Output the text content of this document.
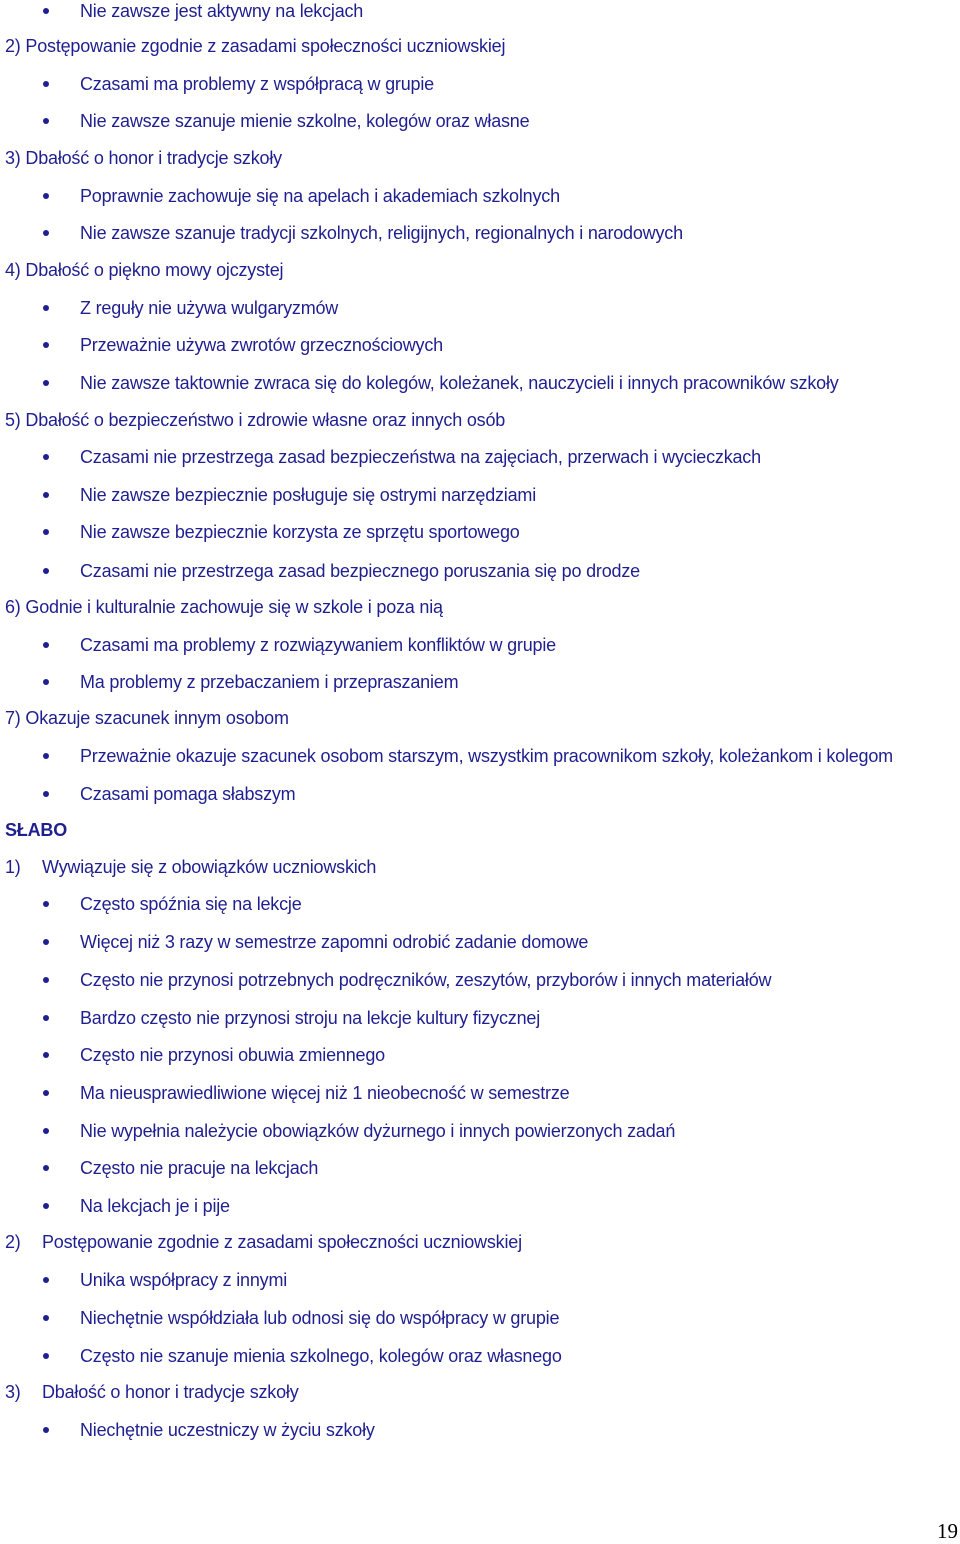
Nie zawsze jest aktywny na lekcjach
2) Postępowanie zgodnie z zasadami społeczności uczniowskiej
Czasami ma problemy z współpracą w grupie
Nie zawsze szanuje mienie szkolne, kolegów oraz własne
3) Dbałość o honor i tradycje szkoły
Poprawnie zachowuje się na apelach i akademiach szkolnych
Nie zawsze szanuje tradycji szkolnych, religijnych, regionalnych i narodowych
4) Dbałość o piękno mowy ojczystej
Z reguły nie używa wulgaryzmów
Przeważnie używa zwrotów grzecznościowych
Nie zawsze taktownie zwraca się do kolegów, koleżanek, nauczycieli i innych pracowników szkoły
5) Dbałość o bezpieczeństwo i zdrowie własne oraz innych osób
Czasami nie przestrzega zasad bezpieczeństwa na zajęciach, przerwach i wycieczkach
Nie zawsze bezpiecznie posługuje się ostrymi narzędziami
Nie zawsze bezpiecznie korzysta ze sprzętu sportowego
Czasami nie przestrzega zasad bezpiecznego poruszania się po drodze
6) Godnie i kulturalnie zachowuje się w szkole i poza nią
Czasami ma problemy z rozwiązywaniem konfliktów w grupie
Ma problemy z przebaczaniem i przepraszaniem
7) Okazuje szacunek innym osobom
Przeważnie okazuje szacunek osobom starszym, wszystkim pracownikom szkoły, koleżankom i kolegom
Czasami pomaga słabszym
SŁABO
1) Wywiązuje się z obowiązków uczniowskich
Często spóźnia się na lekcje
Więcej niż 3 razy w semestrze zapomni odrobić zadanie domowe
Często nie przynosi potrzebnych podręczników, zeszytów, przyborów i innych materiałów
Bardzo często nie przynosi stroju na lekcje kultury fizycznej
Często nie przynosi obuwia zmiennego
Ma nieusprawiedliwione więcej niż 1 nieobecność w semestrze
Nie wypełnia należycie obowiązków dyżurnego i innych powierzonych zadań
Często nie pracuje na lekcjach
Na lekcjach je i pije
2) Postępowanie zgodnie z zasadami społeczności uczniowskiej
Unika współpracy z innymi
Niechętnie współdziała lub odnosi się do współpracy w grupie
Często nie szanuje mienia szkolnego, kolegów oraz własnego
3) Dbałość o honor i tradycje szkoły
Niechętnie uczestniczy w życiu szkoły
19
